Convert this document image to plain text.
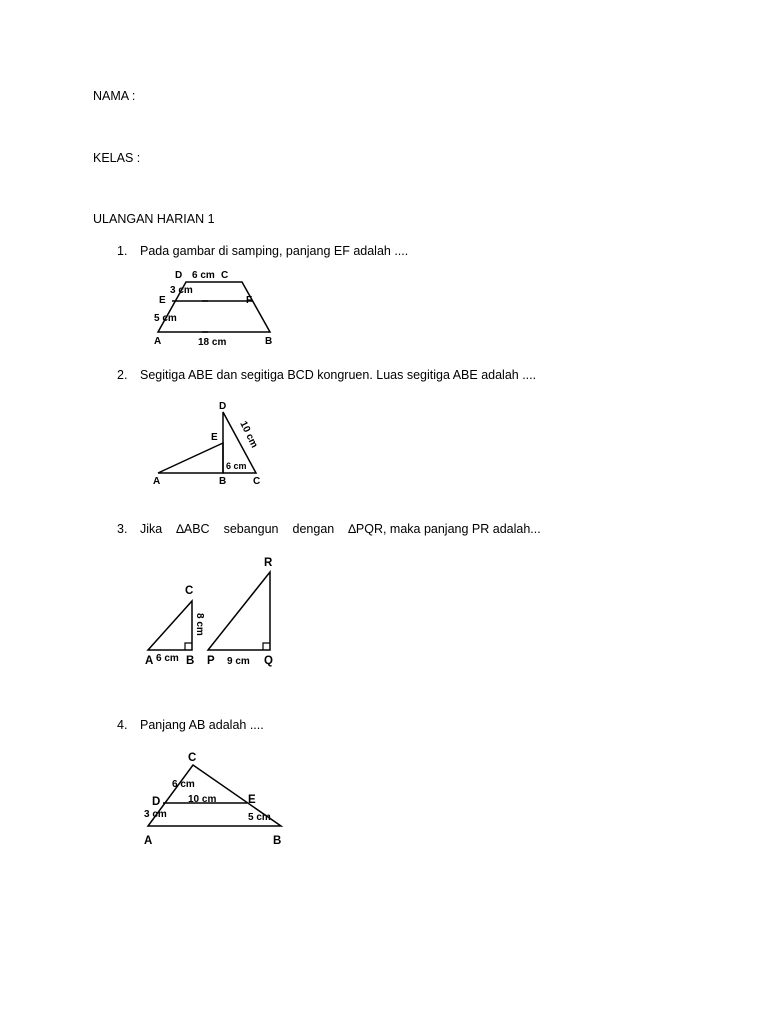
NAMA :
KELAS :
ULANGAN HARIAN 1
1. Pada gambar di samping, panjang EF adalah ....
D 6 cm C
3 cm
E	F
5 cm
A	18 cm	B
2. Segitiga ABE dan segitiga BCD kongruen. Luas segitiga ABE adalah ....
D
10 cm
E
6 cm
A	B	C
3. Jika ∆ABC sebangun dengan ∆PQR, maka panjang PR adalah...
C
8 cm
A 6 cm B P 9 cm Q
R
4. Panjang AB adalah ....
C
6 cm
D	10 cm	E
3 cm	5 cm
A	B
